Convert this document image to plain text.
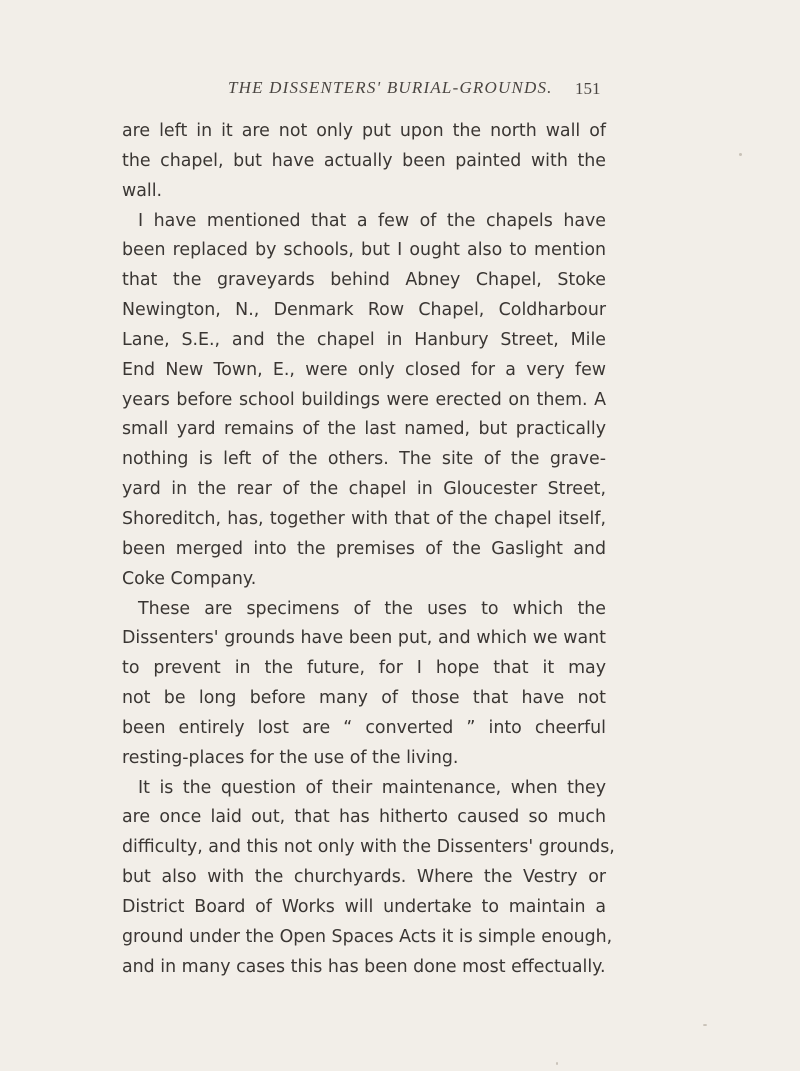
THE DISSENTERS' BURIAL-GROUNDS. 151
are left in it are not only put upon the north wall of
the chapel, but have actually been painted with the
wall.
I have mentioned that a few of the chapels have
been replaced by schools, but I ought also to mention
that the graveyards behind Abney Chapel, Stoke
Newington, N., Denmark Row Chapel, Coldharbour
Lane, S.E., and the chapel in Hanbury Street, Mile
End New Town, E., were only closed for a very few
years before school buildings were erected on them. A
small yard remains of the last named, but practically
nothing is left of the others. The site of the grave-
yard in the rear of the chapel in Gloucester Street,
Shoreditch, has, together with that of the chapel itself,
been merged into the premises of the Gaslight and
Coke Company.
These are specimens of the uses to which the
Dissenters' grounds have been put, and which we want
to prevent in the future, for I hope that it may
not be long before many of those that have not
been entirely lost are “ converted ” into cheerful
resting-places for the use of the living.
It is the question of their maintenance, when they
are once laid out, that has hitherto caused so much
difficulty, and this not only with the Dissenters' grounds,
but also with the churchyards. Where the Vestry or
District Board of Works will undertake to maintain a
ground under the Open Spaces Acts it is simple enough,
and in many cases this has been done most effectually.
